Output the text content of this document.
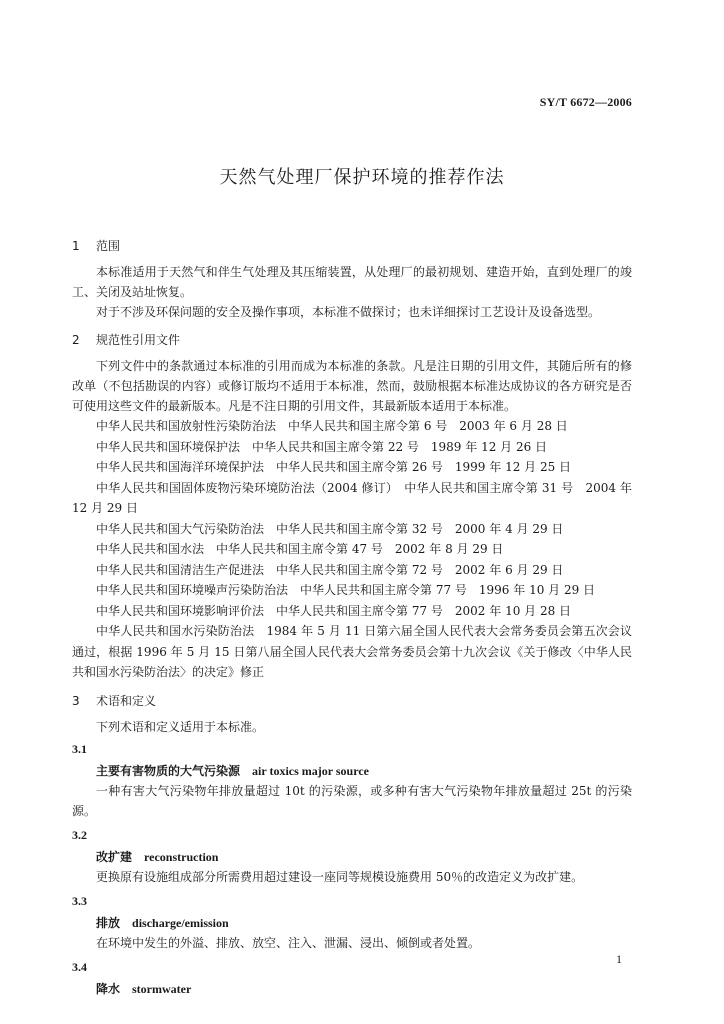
SY/T 6672—2006
天然气处理厂保护环境的推荐作法
1 范围

本标准适用于天然气和伴生气处理及其压缩装置，从处理厂的最初规划、建造开始，直到处理厂的竣工、关闭及站址恢复。

对于不涉及环保问题的安全及操作事项，本标准不做探讨；也未详细探讨工艺设计及设备选型。

2 规范性引用文件

下列文件中的条款通过本标准的引用而成为本标准的条款。凡是注日期的引用文件，其随后所有的修改单（不包括勘误的内容）或修订版均不适用于本标准，然而，鼓励根据本标准达成协议的各方研究是否可使用这些文件的最新版本。凡是不注日期的引用文件，其最新版本适用于本标准。

中华人民共和国放射性污染防治法　中华人民共和国主席令第 6 号　2003 年 6 月 28 日

中华人民共和国环境保护法　中华人民共和国主席令第 22 号　1989 年 12 月 26 日

中华人民共和国海洋环境保护法　中华人民共和国主席令第 26 号　1999 年 12 月 25 日

中华人民共和国固体废物污染环境防治法（2004 修订）　中华人民共和国主席令第 31 号　2004 年 12 月 29 日

中华人民共和国大气污染防治法　中华人民共和国主席令第 32 号　2000 年 4 月 29 日

中华人民共和国水法　中华人民共和国主席令第 47 号　2002 年 8 月 29 日

中华人民共和国清洁生产促进法　中华人民共和国主席令第 72 号　2002 年 6 月 29 日

中华人民共和国环境噪声污染防治法　中华人民共和国主席令第 77 号　1996 年 10 月 29 日

中华人民共和国环境影响评价法　中华人民共和国主席令第 77 号　2002 年 10 月 28 日

中华人民共和国水污染防治法　1984 年 5 月 11 日第六届全国人民代表大会常务委员会第五次会议通过，根据 1996 年 5 月 15 日第八届全国人民代表大会常务委员会第十九次会议《关于修改〈中华人民共和国水污染防治法〉的决定》修正

3 术语和定义

下列术语和定义适用于本标准。

3.1

主要有害物质的大气污染源 air toxics major source

一种有害大气污染物年排放量超过 10t 的污染源，或多种有害大气污染物年排放量超过 25t 的污染源。

3.2

改扩建 reconstruction

更换原有设施组成部分所需费用超过建设一座同等规模设施费用 50％的改造定义为改扩建。

3.3

排放 discharge/emission

在环境中发生的外溢、排放、放空、注入、泄漏、浸出、倾倒或者处置。

3.4

降水 stormwater

1
